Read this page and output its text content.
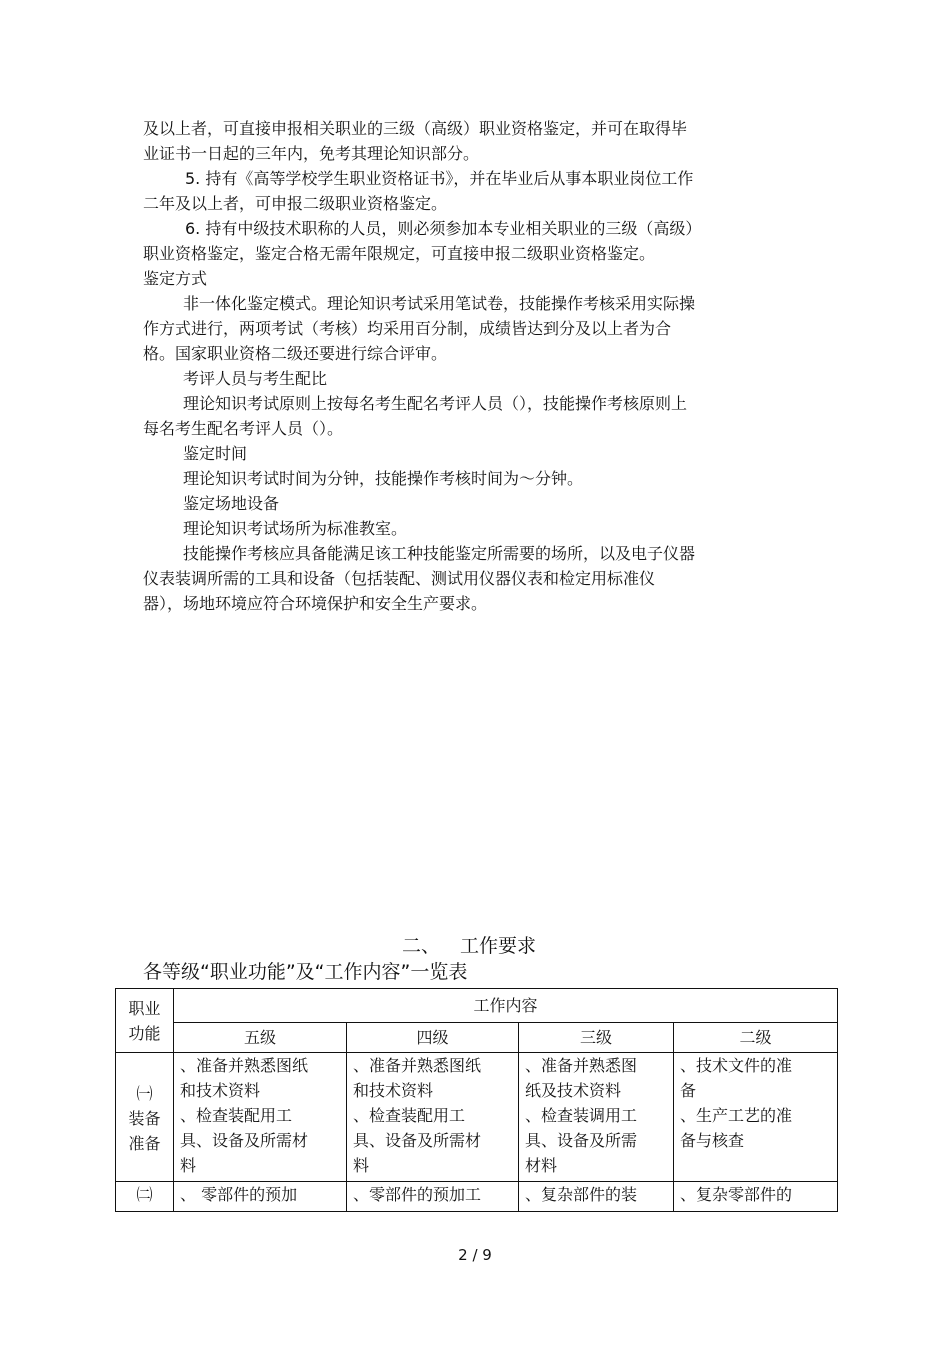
及以上者，可直接申报相关职业的三级（高级）职业资格鉴定，并可在取得毕
业证书一日起的三年内，免考其理论知识部分。
5. 持有《高等学校学生职业资格证书》，并在毕业后从事本职业岗位工作
二年及以上者，可申报二级职业资格鉴定。
6. 持有中级技术职称的人员，则必须参加本专业相关职业的三级（高级）
职业资格鉴定，鉴定合格无需年限规定，可直接申报二级职业资格鉴定。
鉴定方式
非一体化鉴定模式。理论知识考试采用笔试卷，技能操作考核采用实际操
作方式进行，两项考试（考核）均采用百分制，成绩皆达到分及以上者为合
格。国家职业资格二级还要进行综合评审。
考评人员与考生配比
理论知识考试原则上按每名考生配名考评人员（），技能操作考核原则上
每名考生配名考评人员（）。
鉴定时间
理论知识考试时间为分钟，技能操作考核时间为～分钟。
鉴定场地设备
理论知识考试场所为标准教室。
技能操作考核应具备能满足该工种技能鉴定所需要的场所，以及电子仪器
仪表装调所需的工具和设备（包括装配、测试用仪器仪表和检定用标准仪
器），场地环境应符合环境保护和安全生产要求。
二、 工作要求
各等级“职业功能”及“工作内容”一览表
职业
功能	工作内容			
	五级	四级	三级	二级

㈠
装备
准备	、准备并熟悉图纸
和技术资料
、检查装配用工
具、设备及所需材
料	、准备并熟悉图纸
和技术资料
、检查装配用工
具、设备及所需材
料	、准备并熟悉图
纸及技术资料
、检查装调用工
具、设备及所需
材料	、技术文件的准
备
、生产工艺的准
备与核查

㈡	、 零部件的预加	、零部件的预加工	、复杂部件的装	、复杂零部件的
2 / 9
